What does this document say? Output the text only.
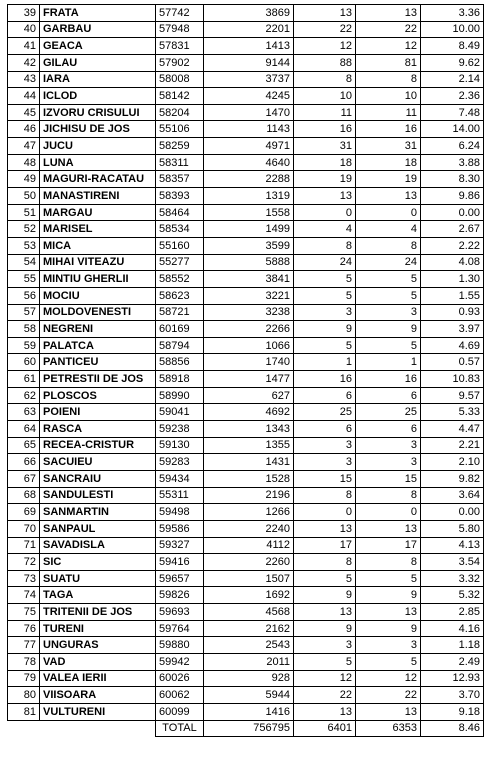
39	FRATA	57742	3869	13	13	3.36
40	GARBAU	57948	2201	22	22	10.00
41	GEACA	57831	1413	12	12	8.49
42	GILAU	57902	9144	88	81	9.62
43	IARA	58008	3737	8	8	2.14
44	ICLOD	58142	4245	10	10	2.36
45	IZVORU CRISULUI	58204	1470	11	11	7.48
46	JICHISU DE JOS	55106	1143	16	16	14.00
47	JUCU	58259	4971	31	31	6.24
48	LUNA	58311	4640	18	18	3.88
49	MAGURI-RACATAU	58357	2288	19	19	8.30
50	MANASTIRENI	58393	1319	13	13	9.86
51	MARGAU	58464	1558	0	0	0.00
52	MARISEL	58534	1499	4	4	2.67
53	MICA	55160	3599	8	8	2.22
54	MIHAI VITEAZU	55277	5888	24	24	4.08
55	MINTIU GHERLII	58552	3841	5	5	1.30
56	MOCIU	58623	3221	5	5	1.55
57	MOLDOVENESTI	58721	3238	3	3	0.93
58	NEGRENI	60169	2266	9	9	3.97
59	PALATCA	58794	1066	5	5	4.69
60	PANTICEU	58856	1740	1	1	0.57
61	PETRESTII DE JOS	58918	1477	16	16	10.83
62	PLOSCOS	58990	627	6	6	9.57
63	POIENI	59041	4692	25	25	5.33
64	RASCA	59238	1343	6	6	4.47
65	RECEA-CRISTUR	59130	1355	3	3	2.21
66	SACUIEU	59283	1431	3	3	2.10
67	SANCRAIU	59434	1528	15	15	9.82
68	SANDULESTI	55311	2196	8	8	3.64
69	SANMARTIN	59498	1266	0	0	0.00
70	SANPAUL	59586	2240	13	13	5.80
71	SAVADISLA	59327	4112	17	17	4.13
72	SIC	59416	2260	8	8	3.54
73	SUATU	59657	1507	5	5	3.32
74	TAGA	59826	1692	9	9	5.32
75	TRITENII DE JOS	59693	4568	13	13	2.85
76	TURENI	59764	2162	9	9	4.16
77	UNGURAS	59880	2543	3	3	1.18
78	VAD	59942	2011	5	5	2.49
79	VALEA IERII	60026	928	12	12	12.93
80	VIISOARA	60062	5944	22	22	3.70
81	VULTURENI	60099	1416	13	13	9.18
		TOTAL	756795	6401	6353	8.46
